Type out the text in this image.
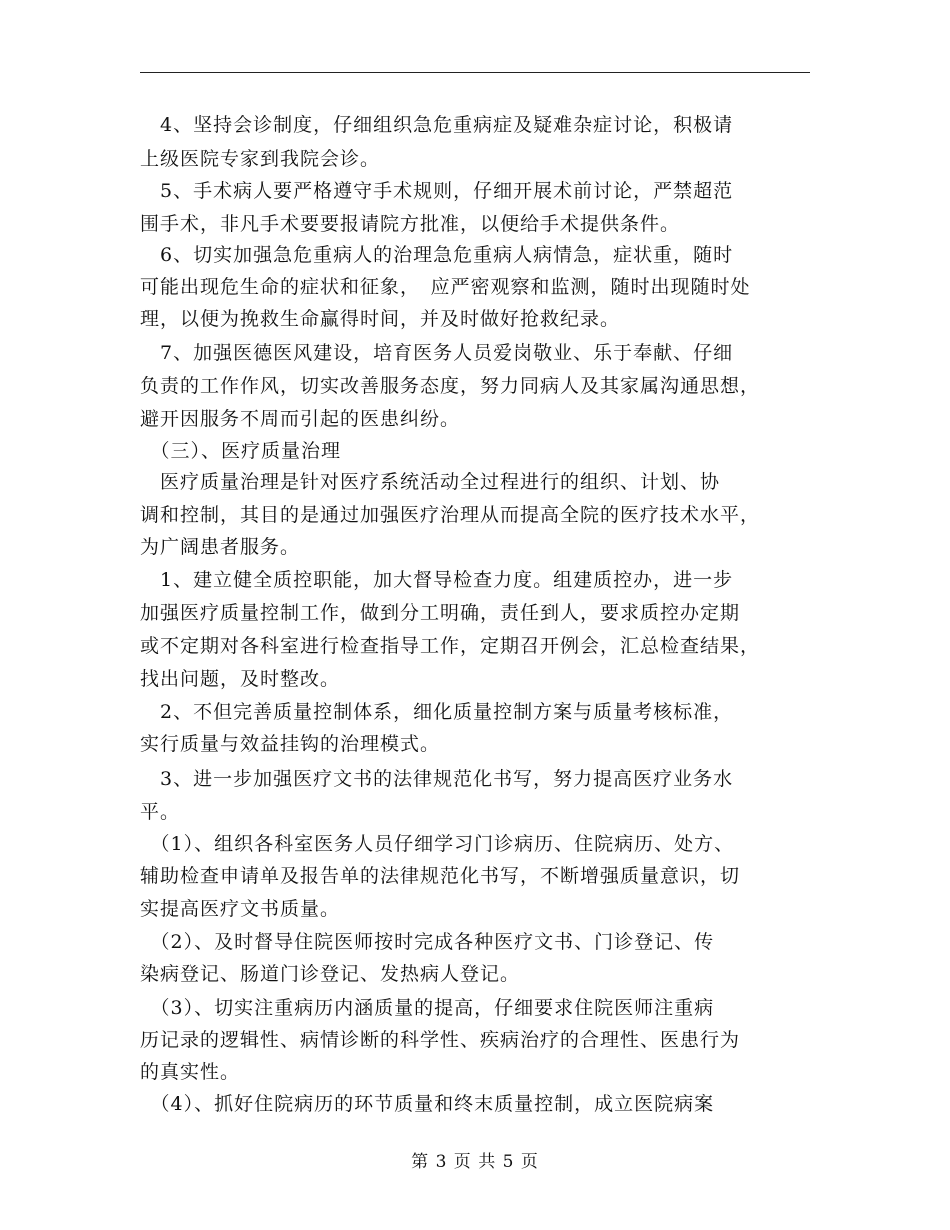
　4、坚持会诊制度，仔细组织急危重病症及疑难杂症讨论，积极请
上级医院专家到我院会诊。
　5、手术病人要严格遵守手术规则，仔细开展术前讨论，严禁超范
围手术，非凡手术要要报请院方批准，以便给手术提供条件。
　6、切实加强急危重病人的治理急危重病人病情急，症状重，随时
可能出现危生命的症状和征象，　应严密观察和监测，随时出现随时处
理，以便为挽救生命赢得时间，并及时做好抢救纪录。
　7、加强医德医风建设，培育医务人员爱岗敬业、乐于奉献、仔细
负责的工作作风，切实改善服务态度，努力同病人及其家属沟通思想，
避开因服务不周而引起的医患纠纷。
　（三）、医疗质量治理
　医疗质量治理是针对医疗系统活动全过程进行的组织、计划、协
调和控制，其目的是通过加强医疗治理从而提高全院的医疗技术水平，
为广阔患者服务。
　1、建立健全质控职能，加大督导检查力度。组建质控办，进一步
加强医疗质量控制工作，做到分工明确，责任到人，要求质控办定期
或不定期对各科室进行检查指导工作，定期召开例会，汇总检查结果，
找出问题，及时整改。
　2、不但完善质量控制体系，细化质量控制方案与质量考核标准，
实行质量与效益挂钩的治理模式。
　3、进一步加强医疗文书的法律规范化书写，努力提高医疗业务水
平。
　（1）、组织各科室医务人员仔细学习门诊病历、住院病历、处方、
辅助检查申请单及报告单的法律规范化书写，不断增强质量意识，切
实提高医疗文书质量。
　（2）、及时督导住院医师按时完成各种医疗文书、门诊登记、传
染病登记、肠道门诊登记、发热病人登记。
　（3）、切实注重病历内涵质量的提高，仔细要求住院医师注重病
历记录的逻辑性、病情诊断的科学性、疾病治疗的合理性、医患行为
的真实性。
　（4）、抓好住院病历的环节质量和终末质量控制，成立医院病案
第 3 页 共 5 页
